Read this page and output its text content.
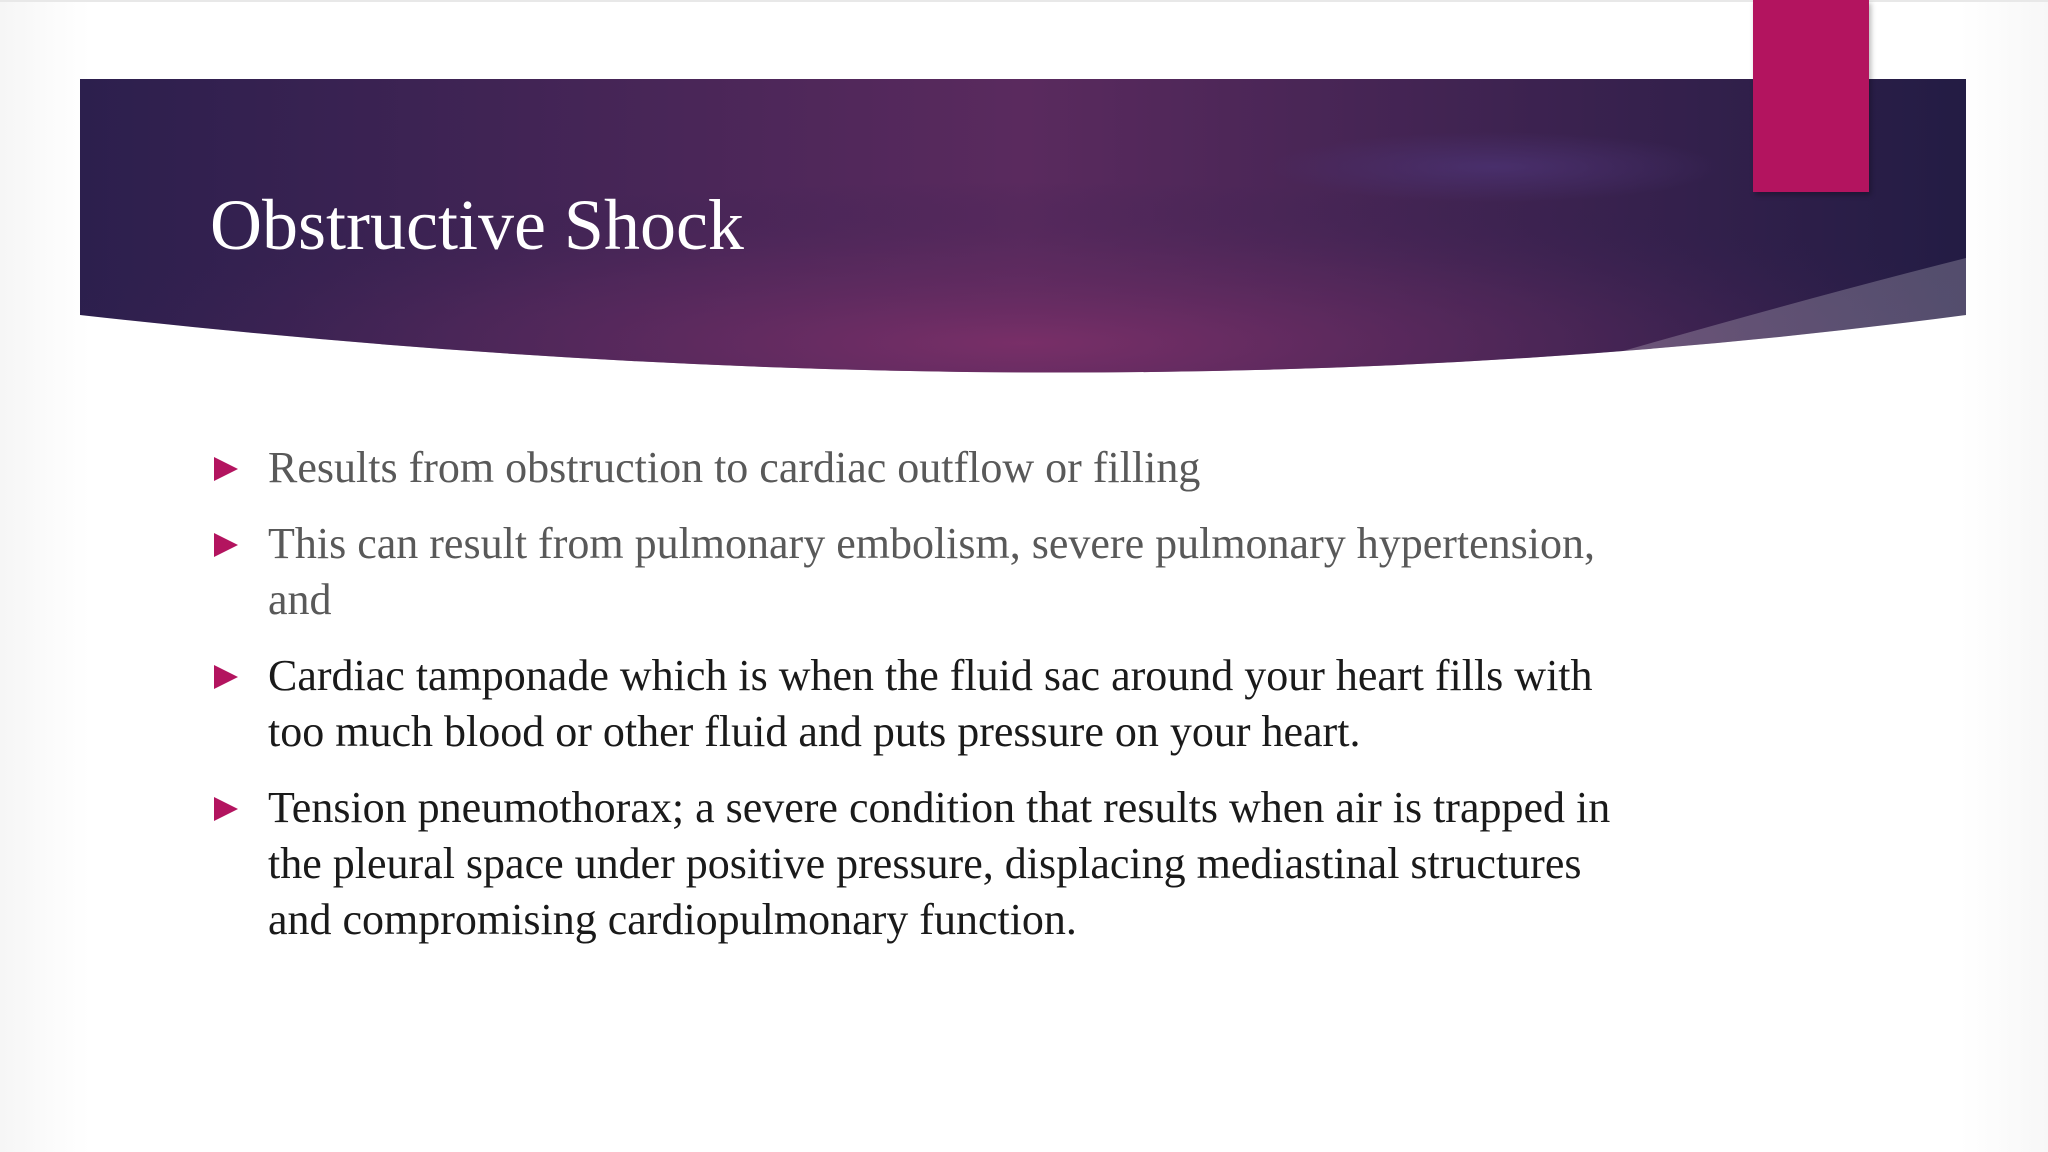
Obstructive Shock
Results from obstruction to cardiac outflow or filling
This can result from pulmonary embolism, severe pulmonary hypertension, and
Cardiac tamponade which is when the fluid sac around your heart fills with too much blood or other fluid and puts pressure on your heart.
Tension pneumothorax; a severe condition that results when air is trapped in the pleural space under positive pressure, displacing mediastinal structures and compromising cardiopulmonary function.
